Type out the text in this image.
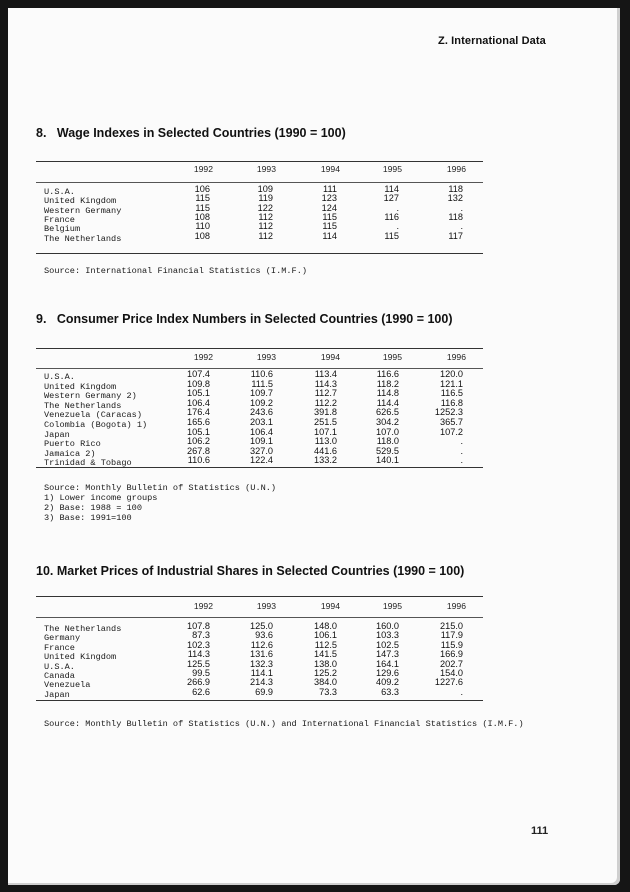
Z. International Data
8. Wage Indexes in Selected Countries (1990 = 100)
1992	1993	1994	1995	1996
U.S.A.	106	109	111	114	118
United Kingdom	115	119	123	127	132
Western Germany	115	122	124	.	.
France	108	112	115	116	118
Belgium	110	112	115	.	.
The Netherlands	108	112	114	115	117
Source: International Financial Statistics (I.M.F.)
9. Consumer Price Index Numbers in Selected Countries (1990 = 100)
1992	1993	1994	1995	1996
U.S.A.	107.4	110.6	113.4	116.6	120.0
United Kingdom	109.8	111.5	114.3	118.2	121.1
Western Germany 2)	105.1	109.7	112.7	114.8	116.5
The Netherlands	106.4	109.2	112.2	114.4	116.8
Venezuela (Caracas)	176.4	243.6	391.8	626.5	1252.3
Colombia (Bogota) 1)	165.6	203.1	251.5	304.2	365.7
Japan	105.1	106.4	107.1	107.0	107.2
Puerto Rico	106.2	109.1	113.0	118.0	.
Jamaica 2)	267.8	327.0	441.6	529.5	.
Trinidad & Tobago	110.6	122.4	133.2	140.1	.
Source: Monthly Bulletin of Statistics (U.N.)
1) Lower income groups
2) Base: 1988 = 100
3) Base: 1991=100
10. Market Prices of Industrial Shares in Selected Countries (1990 = 100)
1992	1993	1994	1995	1996
The Netherlands	107.8	125.0	148.0	160.0	215.0
Germany	87.3	93.6	106.1	103.3	117.9
France	102.3	112.6	112.5	102.5	115.9
United Kingdom	114.3	131.6	141.5	147.3	166.9
U.S.A.	125.5	132.3	138.0	164.1	202.7
Canada	99.5	114.1	125.2	129.6	154.0
Venezuela	266.9	214.3	384.0	409.2	1227.6
Japan	62.6	69.9	73.3	63.3	.
Source: Monthly Bulletin of Statistics (U.N.) and International Financial Statistics (I.M.F.)
111
